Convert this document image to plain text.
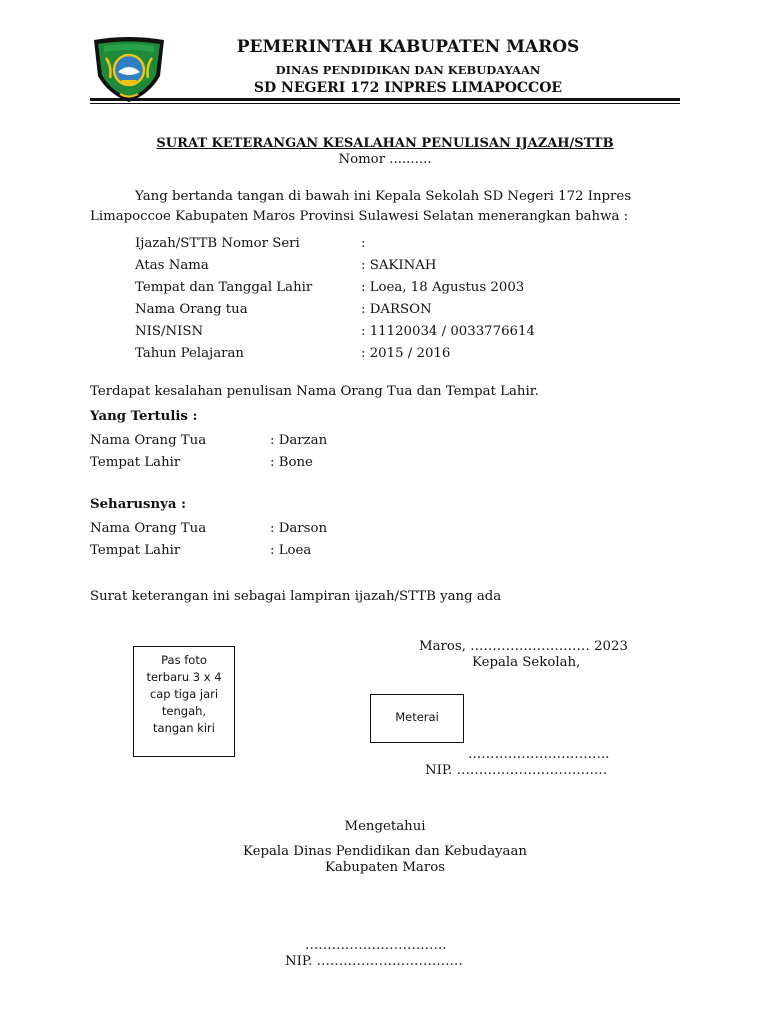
PEMERINTAH KABUPATEN MAROS
DINAS PENDIDIKAN DAN KEBUDAYAAN
SD NEGERI 172 INPRES LIMAPOCCOE
SURAT KETERANGAN KESALAHAN PENULISAN IJAZAH/STTB
Nomor ..........
Yang bertanda tangan di bawah ini Kepala Sekolah SD Negeri 172 Inpres
Limapoccoe Kabupaten Maros Provinsi Sulawesi Selatan menerangkan bahwa :
Ijazah/STTB Nomor Seri	:
Atas Nama	: SAKINAH
Tempat dan Tanggal Lahir	: Loea, 18 Agustus 2003
Nama Orang tua	: DARSON
NIS/NISN	: 11120034 / 0033776614
Tahun Pelajaran	: 2015 / 2016
Terdapat kesalahan penulisan Nama Orang Tua dan Tempat Lahir.
Yang Tertulis :
Nama Orang Tua	: Darzan
Tempat Lahir	: Bone
Seharusnya :
Nama Orang Tua	: Darson
Tempat Lahir	: Loea
Surat keterangan ini sebagai lampiran ijazah/STTB yang ada
Pas foto
terbaru 3 x 4
cap tiga jari
tengah,
tangan kiri
Maros, ……………………… 2023
Kepala Sekolah,
Meterai
…………………………..
NIP. …………………………….
Mengetahui
Kepala Dinas Pendidikan dan Kebudayaan
Kabupaten Maros
…………………………..
NIP. ……………………………
